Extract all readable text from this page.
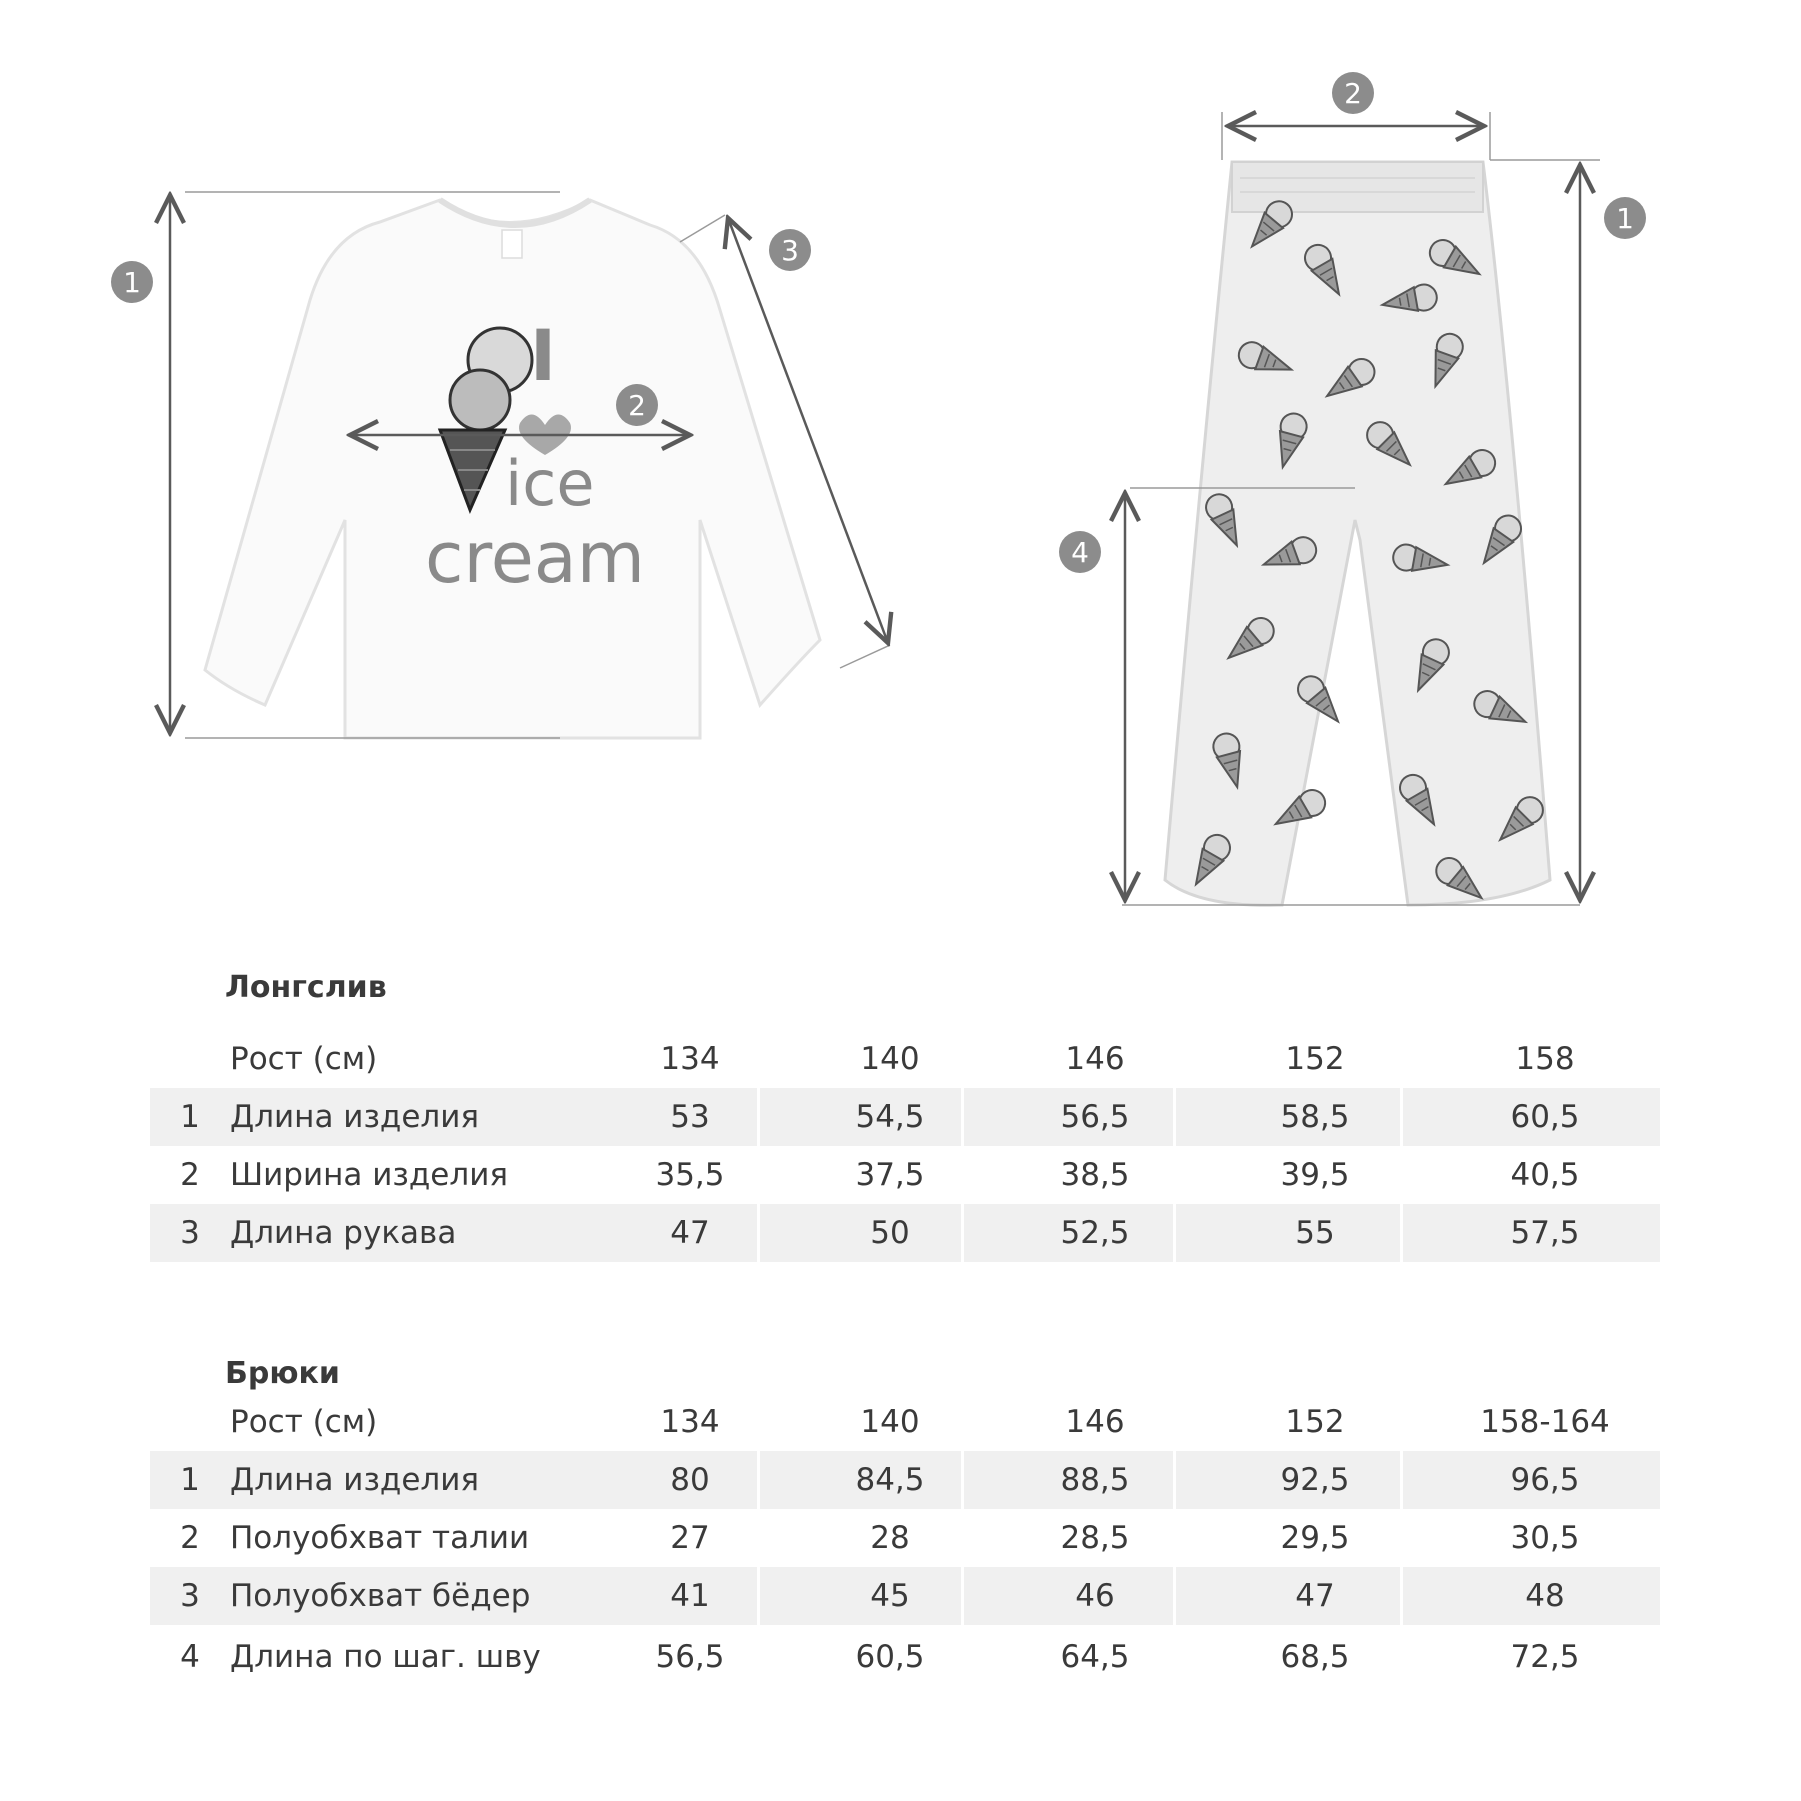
I
ice
cream
1
2
3
2
1
4
Лонгслив
Рост (см)	134	140	146	152	158
1 Длина изделия	53	54,5	56,5	58,5	60,5
2 Ширина изделия	35,5	37,5	38,5	39,5	40,5
3 Длина рукава	47	50	52,5	55	57,5
Брюки
Рост (см)	134	140	146	152	158-164
1 Длина изделия	80	84,5	88,5	92,5	96,5
2 Полуобхват талии	27	28	28,5	29,5	30,5
3 Полуобхват бёдер	41	45	46	47	48
4 Длина по шаг. шву	56,5	60,5	64,5	68,5	72,5
